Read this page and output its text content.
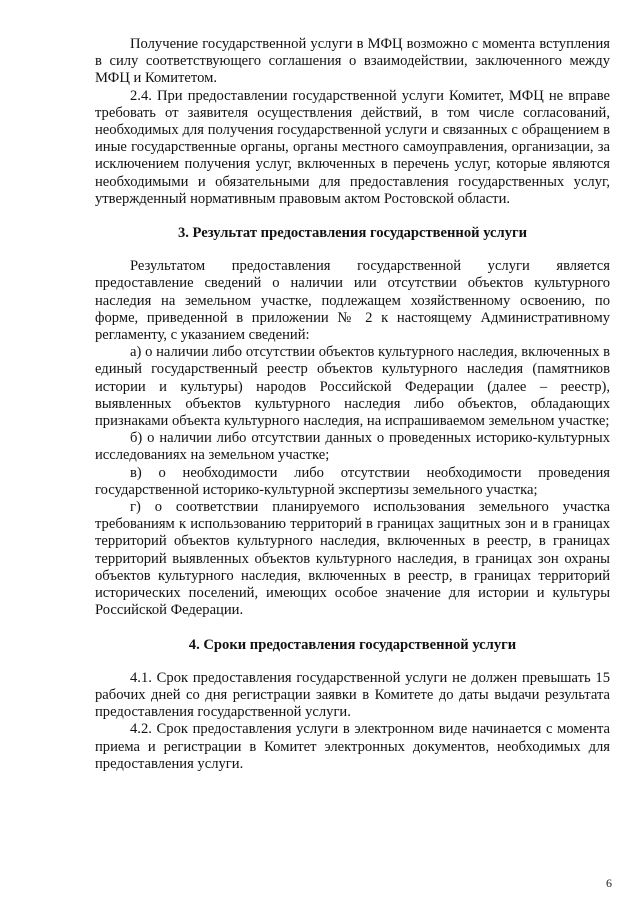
Получение государственной услуги в МФЦ возможно с момента вступления в силу соответствующего соглашения о взаимодействии, заключенного между МФЦ и Комитетом.

2.4. При предоставлении государственной услуги Комитет, МФЦ не вправе требовать от заявителя осуществления действий, в том числе согласований, необходимых для получения государственной услуги и связанных с обращением в иные государственные органы, органы местного самоуправления, организации, за исключением получения услуг, включенных в перечень услуг, которые являются необходимыми и обязательными для предоставления государственных услуг, утвержденный нормативным правовым актом Ростовской области.

3. Результат предоставления государственной услуги

Результатом предоставления государственной услуги является предоставление сведений о наличии или отсутствии объектов культурного наследия на земельном участке, подлежащем хозяйственному освоению, по форме, приведенной в приложении № 2 к настоящему Административному регламенту, с указанием сведений:

а) о наличии либо отсутствии объектов культурного наследия, включенных в единый государственный реестр объектов культурного наследия (памятников истории и культуры) народов Российской Федерации (далее – реестр), выявленных объектов культурного наследия либо объектов, обладающих признаками объекта культурного наследия, на испрашиваемом земельном участке;

б) о наличии либо отсутствии данных о проведенных историко-культурных исследованиях на земельном участке;

в) о необходимости либо отсутствии необходимости проведения государственной историко-культурной экспертизы земельного участка;

г) о соответствии планируемого использования земельного участка требованиям к использованию территорий в границах защитных зон и в границах территорий объектов культурного наследия, включенных в реестр, в границах территорий выявленных объектов культурного наследия, в границах зон охраны объектов культурного наследия, включенных в реестр, в границах территорий исторических поселений, имеющих особое значение для истории и культуры Российской Федерации.

4. Сроки предоставления государственной услуги

4.1. Срок предоставления государственной услуги не должен превышать 15 рабочих дней со дня регистрации заявки в Комитете до даты выдачи результата предоставления государственной услуги.

4.2. Срок предоставления услуги в электронном виде начинается с момента приема и регистрации в Комитет электронных документов, необходимых для предоставления услуги.

6
